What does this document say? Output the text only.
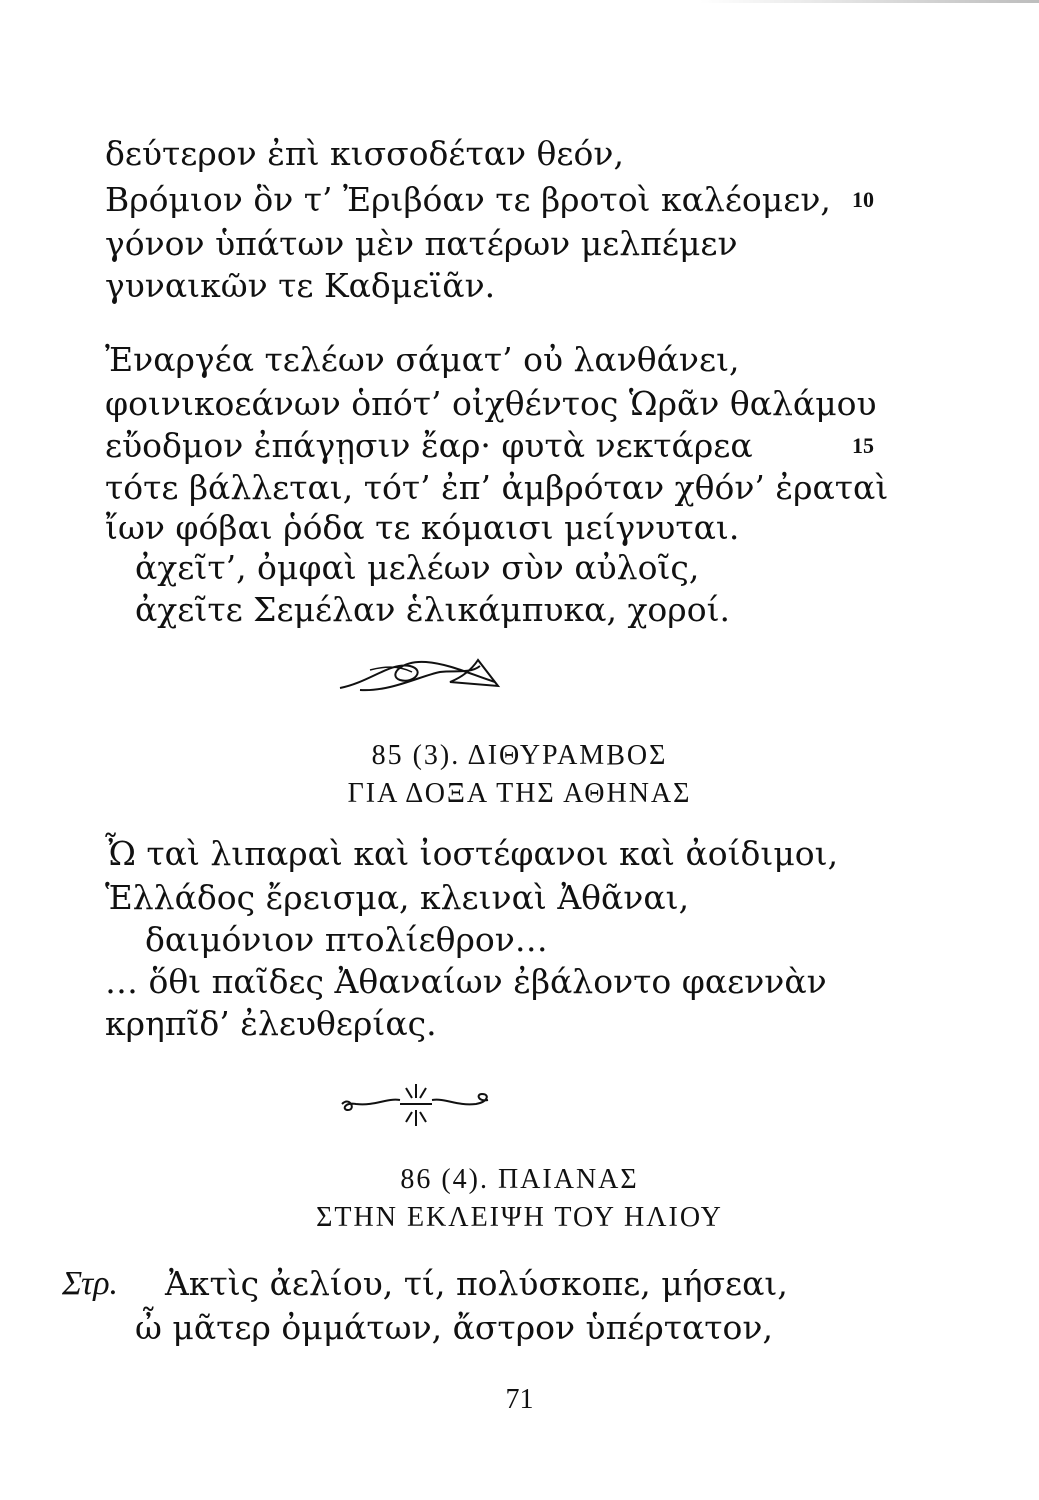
δεύτερον ἐπὶ κισσοδέταν θεόν,
Βρόμιον ὃν τ’ Ἐριβόαν τε βροτοὶ καλέομεν, 10
γόνον ὑπάτων μὲν πατέρων μελπέμεν
γυναικῶν τε Καδμεϊᾶν.
Ἐναργέα τελέων σάματ’ οὐ λανθάνει,
φοινικοεάνων ὁπότ’ οἰχθέντος Ὡρᾶν θαλάμου
εὔοδμον ἐπάγῃσιν ἔαρ· φυτὰ νεκτάρεα	15
τότε βάλλεται, τότ’ ἐπ’ ἀμβρόταν χθόν’ ἐραταὶ
ἴων φόβαι ῥόδα τε κόμαισι μείγνυται.
ἀχεῖτ’, ὀμφαὶ μελέων σὺν αὐλοῖς,
ἀχεῖτε Σεμέλαν ἑλικάμπυκα, χοροί.
85 (3). ΔΙΘΥΡΑΜΒΟΣ
ΓΙΑ ΔΟΞΑ ΤΗΣ ΑΘΗΝΑΣ
Ὦ ταὶ λιπαραὶ καὶ ἰοστέφανοι καὶ ἀοίδιμοι,
Ἑλλάδος ἔρεισμα, κλειναὶ Ἀθᾶναι,
δαιμόνιον πτολίεθρον…
… ὅθι παῖδες Ἀθαναίων ἐβάλοντο φαεννὰν
κρηπῖδ’ ἐλευθερίας.
86 (4). ΠΑΙΑΝΑΣ
ΣΤΗΝ ΕΚΛΕΙΨΗ ΤΟΥ ΗΛΙΟΥ
Στρ. Ἀκτὶς ἀελίου, τί, πολύσκοπε, μήσεαι,
ὦ μᾶτερ ὀμμάτων, ἄστρον ὑπέρτατον,
71
